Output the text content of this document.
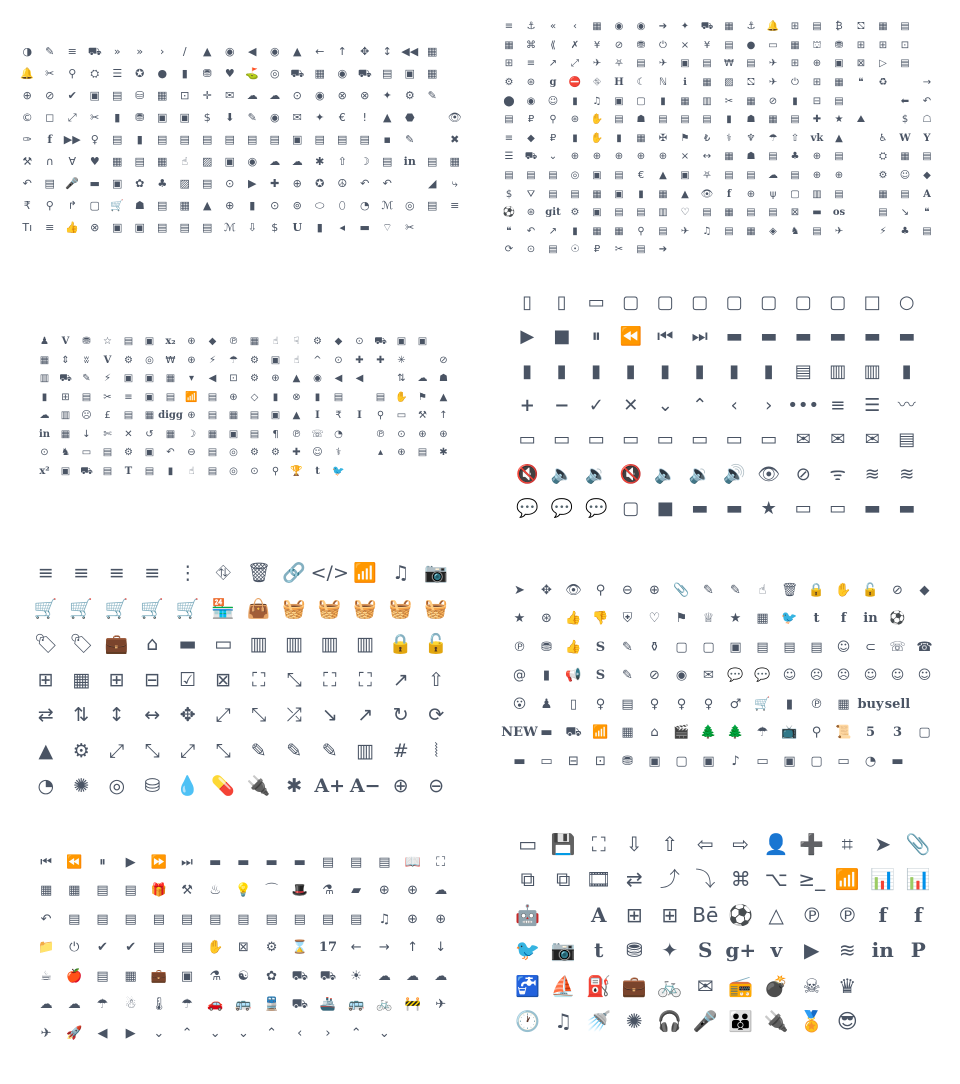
◑	✎	≡ ⛟	»	»	›	∕	▲	◉	◀	◉	▲	←	↑	✥	↕ ◀◀ ▦
🔔	✂	⚲	⛭	☰	✪	●	▮	⛃	♥ ⛳ ◎ ⛟ ▦	◉ ⛟ ▤	▣	▦
⊕	⊘	✔	▣	▤	⛁	▦	⊡	✛	✉	☁	☁	⊙	◉	⊗	⊗	✦	⚙	✎
©	◻	⤢	✂	▮	⛃	▣	▣	$	⬇	✎	◉	✉	✦	€	!	▲	⬣	👁
✑	f	▶▶ ♀	▤	▮	▤	▤	▤	▤	▤	▤	▣	▤	▤	▤	▪	✎	✖
⚒	∩	∀	♥	▦	▤	▦	☝	▨	▣	◉	☁	☁	✱	⇧	☽	▤	in	▤	▦
↶	▤ 🎤 ▬	▣	✿	♣	▨	▤	⊙	▶	✚	⊕	✪	☮	↶	↶	◢	⤷
₹	⚲	↱	▢ 🛒 ☗	▤	▦	▲	⊕	▮	⊙	⊚	⬭	⬯	◔	ℳ	◎	▤	≡
Tı	≡	👍	⊗	▣	▣	▤	▤	▤	ℳ	⇩	$	U	▮	◂	▬	⌔	✂
≡	⚓	«	‹	▦	◉	◉	➔	✦	⛟	▦	⚓	🔔	⊞	▤	₿	⛞	▦	▤
▦	⌘	⟪	✗	¥	⊘	⛃	⏻	×	¥	▤	●	▭	▦	⛫	⛃	⊞	⊞	⊡
⊞	≡	↗	⤢	✈	⛧	▤	✈	▣	▤	₩	▤	✈	⊞	⊕	▣	⊠	▷	▤
⚙	⊛	g	⛔	⛗	H	☾	ℕ	ℹ	▦	▨	⛞	✈	⏻	⊞	▦	❝	♻	→
⬤	◉	☺	▮	♫	▣	▢	▮	▦	▥	✂	▦	⊘	▮	⊟	▤	⬅	↶
▤	₽	⚲	⊛	✋	▤	☗	▤	▤	▤	▮	☗	▦	▤	✚	★	⛰	$	☖
≡	◆	₽	▮	✋	▮	▦	✠	⚑	₺	⚕	♆	☂	⇧	vk	▲	♿	W	Y
☰	⛟	⌄	⊕	⊕	⊕	⊕	⊕	×	↔	▦	☗	▤	♣	⊕	▤	⛭	▦	▤
▤	▤	▤	◎	▣	▤	€	▲	▣	⛧	▤	▤	☁	▤	⊕	⊕	⚙	☺	◆
$	⛛	▤	▤	▦	▣	▮	▦	▲	👁	f	⊕	ψ	▢	▥	▤	▦	▤	A
⚽	⊛	git ⚙	▣	▤	▤	▥	♡	▤	▦	▤	▤	⊠	▬	os	▤	↘	❝
❝	↶	↗	▮	▦	▦	⚲	▤	✈	♫	▤	▦	◈	♞	▤	✈	⚡	♣	▤
⟳	⊙	▤	☉	₽	✂	▤	➔
♟	V	⛃	☆	▤	▣	x₂	⊕	◆	℗	▦	☝	☟	⚙	◆	⊙	⛟ ▣	▣
▦	⇕	ʬ	V	⚙	◎	₩	⊕	⚡	☂	⚙	▣	☝	^	⊙	✚	✚	✳	⊘
▥ ⛟	✎	⚡	▣	▣	▦	▾	◀	⊡	⚙	⊕	▲	◉	◀	◀	⇅	☁	☗
▮	⊞	▤	✂	≡	▣	▤	📶	▤	⊕	◇	▮	⊗	▮	▤	▤	✋	⚑	▲
☁	▥	☹	£	▤	▦ digg ⊕	▤	▦	▤	▣	▲	I	₹	I	⚲	▭	⚒	↑
in	▦	↓	✄	✕	↺	▦	☽	▦	▣	▤	¶	℗ ☏	◔	℗	⊙	⊕	⊕
⊙	♞	▭	▤	⚙	▣	↶	⊖	▤	◎	⚙	⚙	✚	☺	⚕	▴	⊕	▤	✱
x²	▣ ⛟ ▤	T	▤	▮	☝	▤	◎	⊙	⚲	🏆	t	🐦
▯	▯	▭ ▢ ▢ ▢ ▢ ▢ ▢ ▢ □	○
▶	■	⏸	⏪ ⏮	⏭ ▬ ▬ ▬ ▬ ▬ ▬
▮	▮	▮	▮	▮	▮	▮	▮	▤ ▥ ▥	▮
+	−	✓	✕	⌄	⌃	‹	› ••• ≡	☰ 〰
▭ ▭ ▭ ▭ ▭ ▭ ▭ ▭	✉	✉	✉	▤
🔇 🔈 🔉 🔇 🔈 🔉 🔊 👁 ⊘	ᯤ	≋	≋
💬 💬 💬 ▢ ■ ▬ ▬ ★ ▭ ▭ ▬ ▬
≡	≡	≡	≡ ⋮ ⛗ 🗑 🔗 </> 📶 ♫ 📷
🛒 🛒 🛒 🛒 🛒 🏪 👜 🧺 🧺 🧺 🧺 🧺
🏷 🏷 💼 ⌂	▬ ▭ ▥ ▥ ▥ ▥ 🔒 🔓
⊞ ▦ ⊞	⊟	☑	⊠	⛶	⤡	⛶	⛶	↗	⇧
⇄	⇅	↕	↔	✥	⤢	⤡	⤮	↘	↗	↻	⟳
▲	⚙	⤢	⤡	⤢	⤡	✎	✎	✎ ▥ #	⦚
◔	✺	◎	⛁ 💧 💊 🔌 ✱ A+ A− ⊕	⊖
➤	✥	👁	⚲	⊖	⊕	📎	✎	✎	☝	🗑 🔒 ✋ 🔓	⊘	◆
★	⊛	👍 👎	⛨	♡	⚑	♕	★	▦ 🐦	t	f	in ⚽
℗	⛃	👍	S	✎	⚱	▢	▢	▣	▤	▤	▤	☺	⊂	☏ ☎
@	▮	📢	S	✎	⊘	◉	✉	💬 💬 ☺	☹	☹	☺	☺	☺
😮	♟	▯	♀	▤	♀	♀	♀	♂	🛒	▮	℗	▦ buy sell
NEW ▬ ⛟ 📶 ▦	⌂	🎬 🌲 🌲	☂	📺	⚲	📜	5	3	▢
▬	▭	⊟	⊡	⛃	▣	▢	▣	♪	▭	▣	▢	▭	◔	▬
⏮	⏪	⏸	▶	⏩	⏭	▬	▬	▬	▬	▤	▤	▤	📖	⛶
▦	▦	▤	▤	🎁	⚒	♨	💡	⌒	🎩	⚗	▰	⊕	⊕	☁
↶	▤	▤	▤	▤	▤	▤	▤	▤	▤	▤	▤	♫	⊕	⊕
📁	⏻	✔	✔	▤	▤	✋	⊠	⚙	⌛ 17	←	→	↑	↓
☕	🍎	▤	▦	💼	▣	⚗	☯	✿	⛟ ⛟	☀	☁	☁	☁
☁	☁	☂	☃	🌡	☂	🚗 🚌 🚆 ⛟ 🚢 🚌 🚲 🚧	✈
✈	🚀	◀	▶	⌄	⌃	⌄	⌄	⌃	‹	›	⌃	⌄
▭ 💾 ⛶	⇩ ⇧ ⇦ ⇨ 👤 ➕ ⌗	➤ 📎
⧉	⧉ 🎞 ⇄ ⤴ ⤵ ⌘ ⌥ ≥_ 📶 📊 📊
🤖	A ⊞ ⊞ Bē ⚽ △ ℗ ℗	f	f
🐦 📷 t	⛃ ✦ S g+ v	▶ ≋ in P
🚰 ⛵ ⛽ 💼 🚲 ✉ 📻 💣 ☠ ♛
🕐 ♫ 🚿 ✺ 🎧 🎤 👪 🔌 🏅 😎
